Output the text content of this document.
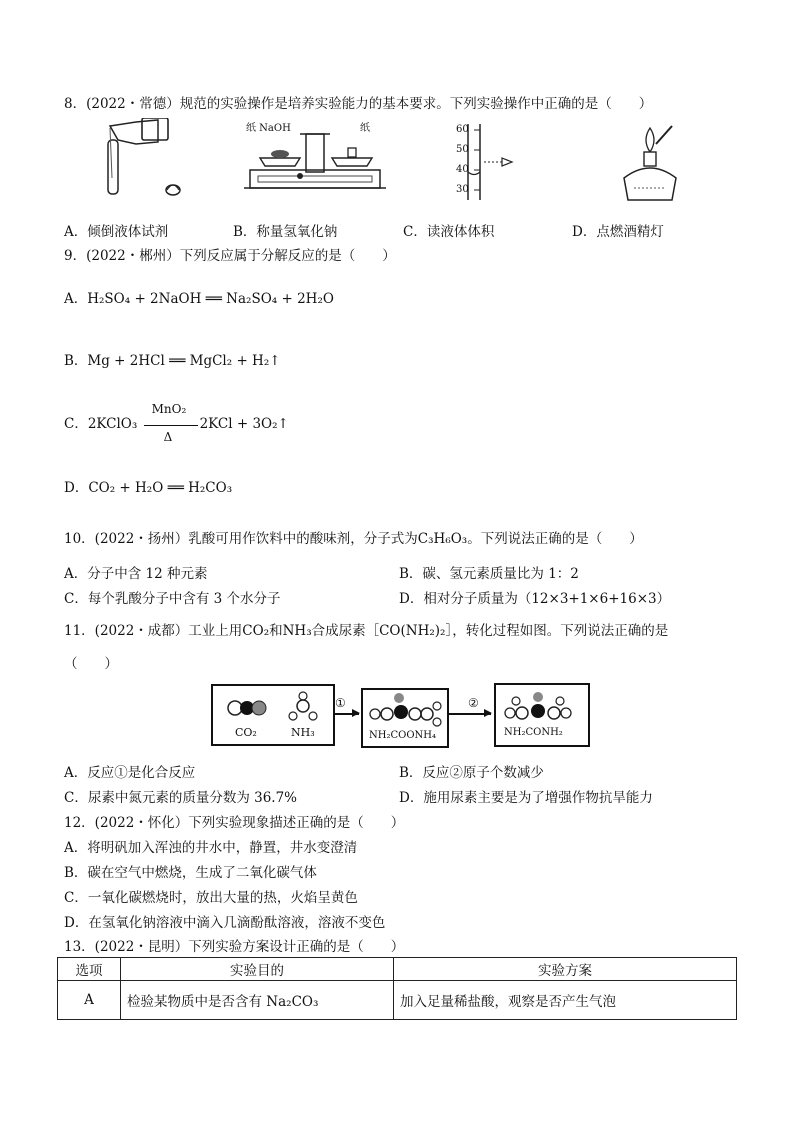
8．(2022・常德）规范的实验操作是培养实验能力的基本要求。下列实验操作中正确的是（　　）
纸 NaOH	纸	60
50
40
30
A．倾倒液体试剂	B．称量氢氧化钠	C．读液体体积	D．点燃酒精灯
9．(2022・郴州）下列反应属于分解反应的是（　　）
A．H₂SO₄ + 2NaOH ══ Na₂SO₄ + 2H₂O
B．Mg + 2HCl ══ MgCl₂ + H₂↑
C．2KClO₃
MnO₂
Δ
2KCl + 3O₂↑
D．CO₂ + H₂O ══ H₂CO₃
10．(2022・扬州）乳酸可用作饮料中的酸味剂，分子式为C₃H₆O₃。下列说法正确的是（　　）
A．分子中含 12 种元素	B．碳、氢元素质量比为 1：2
C．每个乳酸分子中含有 3 个水分子	D．相对分子质量为（12×3+1×6+16×3）
11．(2022・成都）工业上用CO₂和NH₃合成尿素［CO(NH₂)₂］，转化过程如图。下列说法正确的是
（　　）
CO₂	NH₃
①
NH₂COONH₄
②
NH₂CONH₂
A．反应①是化合反应	B．反应②原子个数减少
C．尿素中氮元素的质量分数为 36.7%	D．施用尿素主要是为了增强作物抗旱能力
12．(2022・怀化）下列实验现象描述正确的是（　　）
A．将明矾加入浑浊的井水中，静置，井水变澄清
B．碳在空气中燃烧，生成了二氧化碳气体
C．一氧化碳燃烧时，放出大量的热，火焰呈黄色
D．在氢氧化钠溶液中滴入几滴酚酞溶液，溶液不变色
13．(2022・昆明）下列实验方案设计正确的是（　　）
选项	实验目的	实验方案
A	检验某物质中是否含有 Na₂CO₃	加入足量稀盐酸，观察是否产生气泡
